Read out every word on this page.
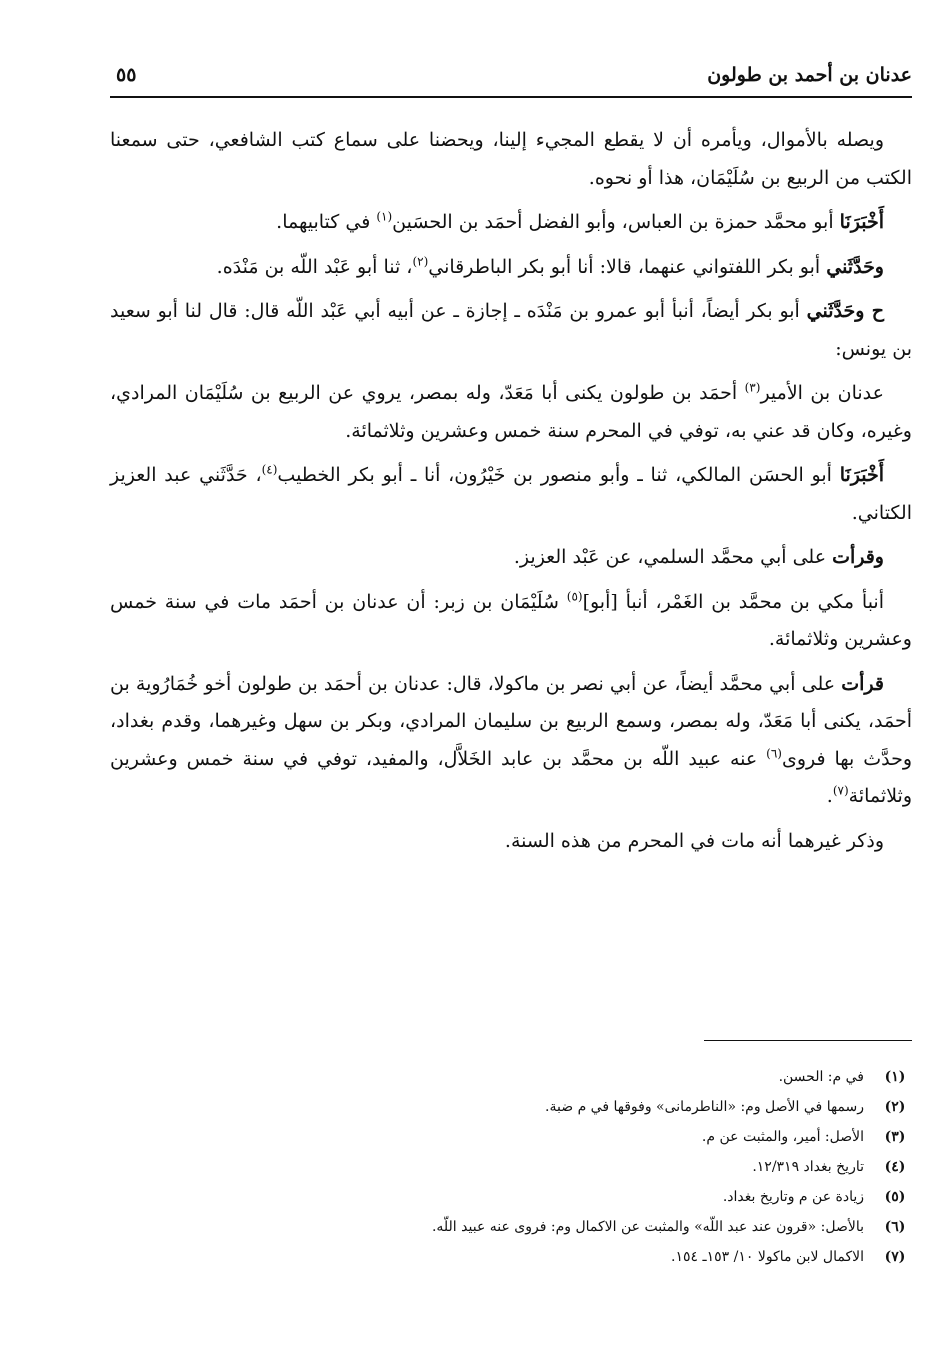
عدنان بن أحمد بن طولون
٥٥

ويصله بالأموال، ويأمره أن لا يقطع المجيء إلينا، ويحضنا على سماع كتب الشافعي، حتى سمعنا الكتب من الربيع بن سُلَيْمَان، هذا أو نحوه.

أَخْبَرَنَا أبو محمَّد حمزة بن العباس، وأبو الفضل أحمَد بن الحسَين$^{(١)}$ في كتابيهما.

وحَدَّثَني أبو بكر اللفتواني عنهما، قالا: أنا أبو بكر الباطرقاني$^{(٢)}$، ثنا أبو عَبْد اللّه بن مَنْدَه.

ح وحَدَّثَني أبو بكر أيضاً، أنبأ أبو عمرو بن مَنْدَه ـ إجازة ـ عن أبيه أبي عَبْد اللّه قال: قال لنا أبو سعيد بن يونس:

عدنان بن الأمير$^{(٣)}$ أحمَد بن طولون يكنى أبا مَعَدّ، وله بمصر، يروي عن الربيع بن سُلَيْمَان المرادي، وغيره، وكان قد عني به، توفي في المحرم سنة خمس وعشرين وثلاثمائة.

أَخْبَرَنَا أبو الحسَن المالكي، ثنا ـ وأبو منصور بن خَيْرُون، أنا ـ أبو بكر الخطيب$^{(٤)}$، حَدَّثَني عبد العزيز الكتاني.

وقرأت على أبي محمَّد السلمي، عن عَبْد العزيز.

أنبأ مكي بن محمَّد بن الغَمْر، أنبأ [أبو]$^{(٥)}$ سُلَيْمَان بن زبر: أن عدنان بن أحمَد مات في سنة خمس وعشرين وثلاثمائة.

قرأت على أبي محمَّد أيضاً، عن أبي نصر بن ماكولا، قال: عدنان بن أحمَد بن طولون أخو خُمَارُوية بن أحمَد، يكنى أبا مَعَدّ، وله بمصر، وسمع الربيع بن سليمان المرادي، وبكر بن سهل وغيرهما، وقدم بغداد، وحدَّث بها فروى$^{(٦)}$ عنه عبيد اللّه بن محمَّد بن عابد الخَلاَّل، والمفيد، توفي في سنة خمس وعشرين وثلاثمائة$^{(٧)}$.

وذكر غيرهما أنه مات في المحرم من هذه السنة.

(١)
في م: الحسن.
(٢)
رسمها في الأصل وم: «الناطرمانى» وفوقها في م ضبة.
(٣)
الأصل: أمير، والمثبت عن م.
(٤)
تاريخ بغداد ١٢/٣١٩.
(٥)
زيادة عن م وتاريخ بغداد.
(٦)
بالأصل: «قرون عند عبد اللّه» والمثبت عن الاكمال وم: فروى عنه عبيد اللّه.
(٧)
الاكمال لابن ماكولا ١٠/ ١٥٣ـ ١٥٤.
